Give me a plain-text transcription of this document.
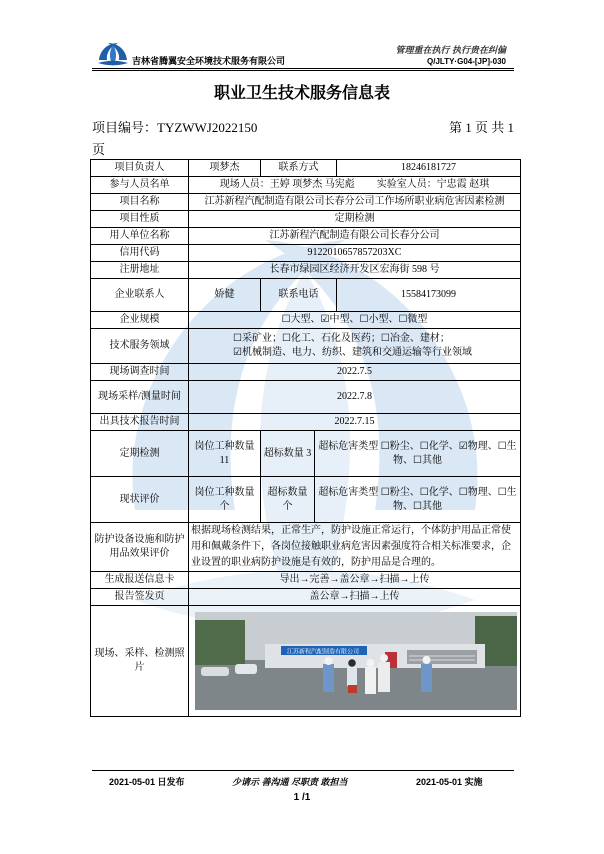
吉林省腾翼安全环境技术服务有限公司
管理重在执行 执行贵在纠偏
Q/JLTY·G04-[JP]-030
职业卫生技术服务信息表
项目编号：TYZWWJ2022150	第 1 页 共 1
页
项目负责人	项梦杰	联系方式		18246181727
参与人员名单	现场人员：王婷 项梦杰 马宪彪 实验室人员：宁忠霞 赵琪			
项目名称	江苏新程汽配制造有限公司长春分公司工作场所职业病危害因素检测			
项目性质	定期检测			
用人单位名称	江苏新程汽配制造有限公司长春分公司			
信用代码	9122010657857203XC			
注册地址	长春市绿园区经济开发区宏海街 598 号			
企业联系人	娇健	联系电话		15584173099
企业规模	☐大型、☑中型、☐小型、☐微型			
技术服务领域	☐采矿业；☐化工、石化及医药；☐冶金、建材；
☑机械制造、电力、纺织、建筑和交通运输等行业领域			

现场调查时间	2022.7.5			
现场采样/测量时间	2022.7.8			
出具技术报告时间	2022.7.15			
定期检测	岗位工种数量 11	超标数量 3	超标危害类型 ☐粉尘、☐化学、☑物理、☐生物、☐其他	
现状评价	岗位工种数量 个	超标数量 个	超标危害类型 ☐粉尘、☐化学、☐物理、☐生物、☐其他	
防护设备设施和防护用品效果评价	根据现场检测结果，正常生产，防护设施正常运行，个体防护用品正常使用和佩戴条件下，各岗位接触职业病危害因素强度符合相关标准要求，企业设置的职业病防护设施是有效的，防护用品是合理的。			
生成报送信息卡	导出→完善→盖公章→扫描→上传			
报告签发页	盖公章→扫描→上传			
现场、采样、检测照片	江苏新程汽配制造有限公司			
2021-05-01 日发布	少请示 善沟通 尽职责 敢担当	2021-05-01 实施
1 /1
